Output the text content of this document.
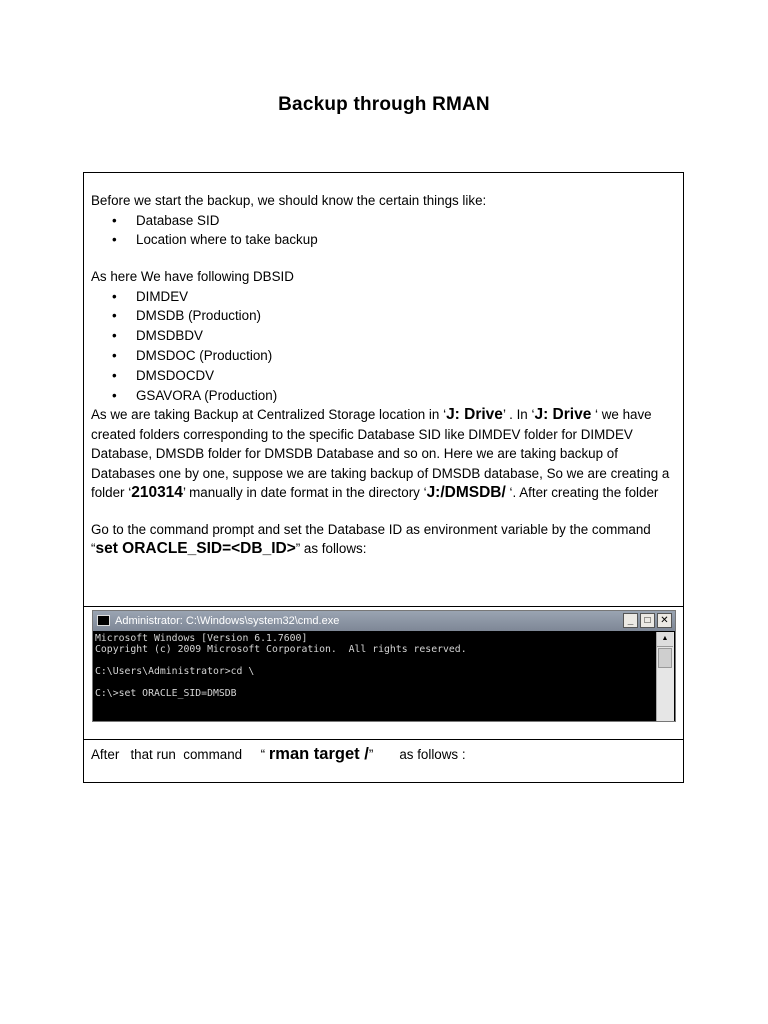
Backup through RMAN

Before we start the backup, we should know the certain things like:

• Database SID
• Location where to take backup

As here We have following DBSID

• DIMDEV
• DMSDB (Production)
• DMSDBDV
• DMSDOC (Production)
• DMSDOCDV
• GSAVORA (Production)

As we are taking Backup at Centralized Storage location in ‘J: Drive’ . In ‘J: Drive ‘ we have created folders corresponding to the specific Database SID like DIMDEV folder for DIMDEV Database, DMSDB folder for DMSDB Database and so on. Here we are taking backup of Databases one by one, suppose we are taking backup of DMSDB database, So we are creating a folder ‘210314’ manually in date format in the directory ‘J:/DMSDB/ ‘. After creating the folder

Go to the command prompt and set the Database ID as environment variable by the command “set ORACLE_SID=<DB_ID>” as follows:

Administrator: C:\Windows\system32\cmd.exe	_	□ ✕
Microsoft Windows [Version 6.1.7600]
Copyright (c) 2009 Microsoft Corporation.  All rights reserved.

C:\Users\Administrator>cd \

C:\>set ORACLE_SID=DMSDB
▲
After   that run  command     “ rman target /”       as follows :
